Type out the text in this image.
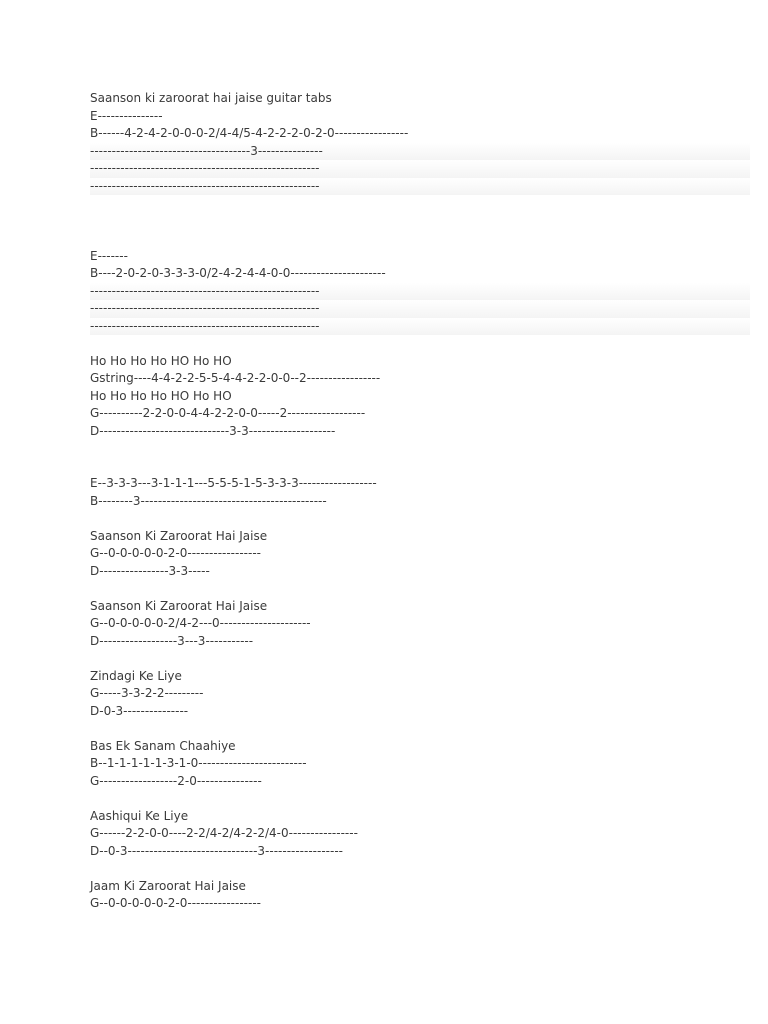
Saanson ki zaroorat hai jaise guitar tabs
E---------------
B------4-2-4-2-0-0-0-2/4-4/5-4-2-2-2-0-2-0-----------------
-------------------------------------3---------------
-----------------------------------------------------
-----------------------------------------------------
E-------
B----2-0-2-0-3-3-3-0/2-4-2-4-4-0-0----------------------
-----------------------------------------------------
-----------------------------------------------------
-----------------------------------------------------
Ho Ho Ho Ho HO Ho HO
Gstring----4-4-2-2-5-5-4-4-2-2-0-0--2-----------------
Ho Ho Ho Ho HO Ho HO
G----------2-2-0-0-4-4-2-2-0-0-----2------------------
D------------------------------3-3--------------------
E--3-3-3---3-1-1-1---5-5-5-1-5-3-3-3------------------
B--------3-------------------------------------------
Saanson Ki Zaroorat Hai Jaise
G--0-0-0-0-0-2-0-----------------
D----------------3-3-----
Saanson Ki Zaroorat Hai Jaise
G--0-0-0-0-0-2/4-2---0---------------------
D------------------3---3-----------
Zindagi Ke Liye
G-----3-3-2-2---------
D-0-3---------------
Bas Ek Sanam Chaahiye
B--1-1-1-1-1-3-1-0-------------------------
G------------------2-0---------------
Aashiqui Ke Liye
G------2-2-0-0----2-2/4-2/4-2-2/4-0----------------
D--0-3------------------------------3------------------
Jaam Ki Zaroorat Hai Jaise
G--0-0-0-0-0-2-0-----------------
